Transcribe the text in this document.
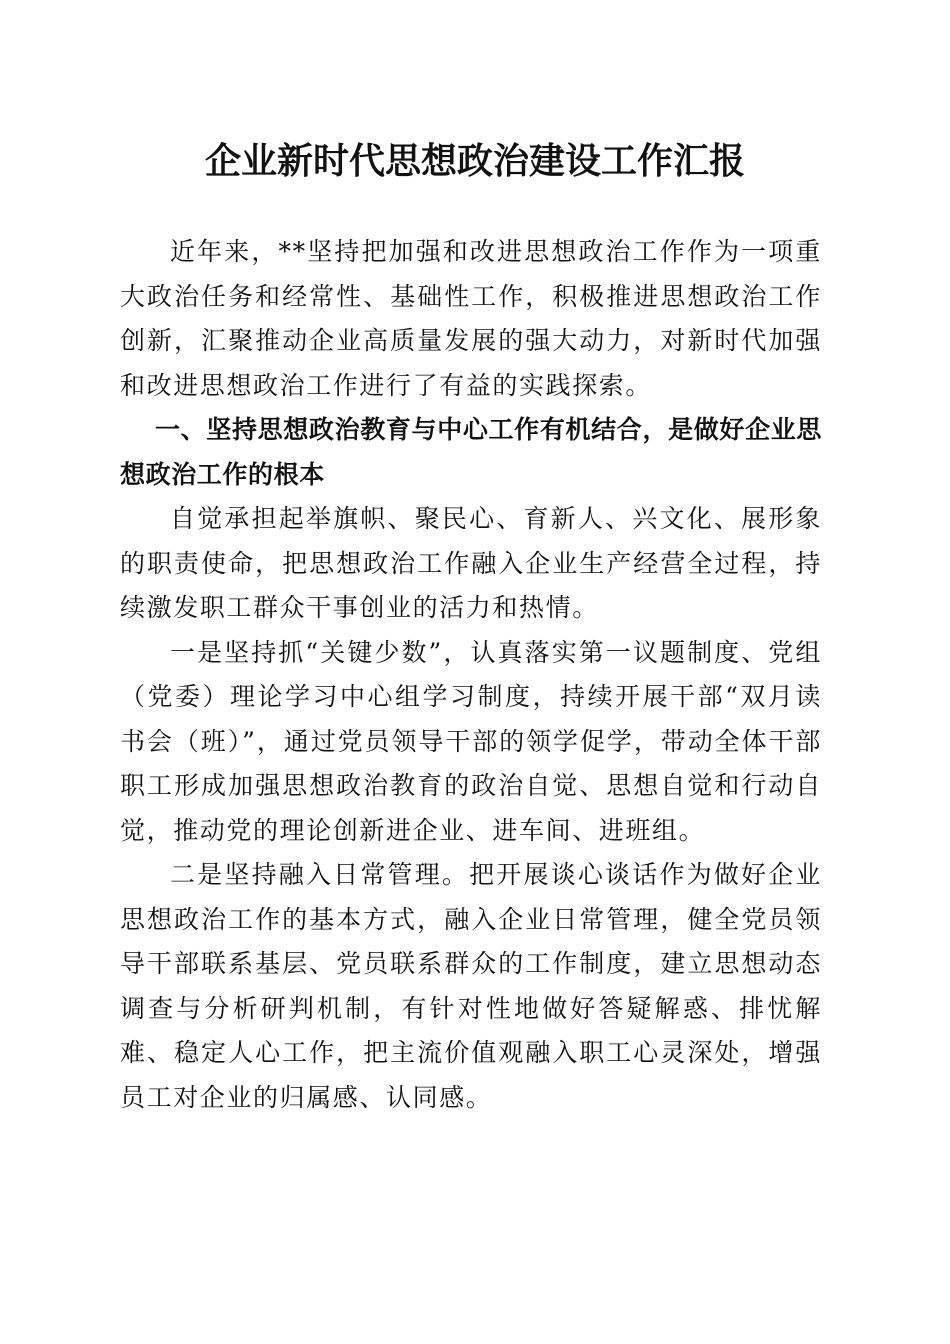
企业新时代思想政治建设工作汇报

近年来，**坚持把加强和改进思想政治工作作为一项重大政治任务和经常性、基础性工作，积极推进思想政治工作创新，汇聚推动企业高质量发展的强大动力，对新时代加强和改进思想政治工作进行了有益的实践探索。

一、坚持思想政治教育与中心工作有机结合，是做好企业思想政治工作的根本

自觉承担起举旗帜、聚民心、育新人、兴文化、展形象的职责使命，把思想政治工作融入企业生产经营全过程，持续激发职工群众干事创业的活力和热情。

一是坚持抓“关键少数”，认真落实第一议题制度、党组（党委）理论学习中心组学习制度，持续开展干部“双月读书会（班）”，通过党员领导干部的领学促学，带动全体干部职工形成加强思想政治教育的政治自觉、思想自觉和行动自觉，推动党的理论创新进企业、进车间、进班组。

二是坚持融入日常管理。把开展谈心谈话作为做好企业思想政治工作的基本方式，融入企业日常管理，健全党员领导干部联系基层、党员联系群众的工作制度，建立思想动态调查与分析研判机制，有针对性地做好答疑解惑、排忧解难、稳定人心工作，把主流价值观融入职工心灵深处，增强员工对企业的归属感、认同感。
